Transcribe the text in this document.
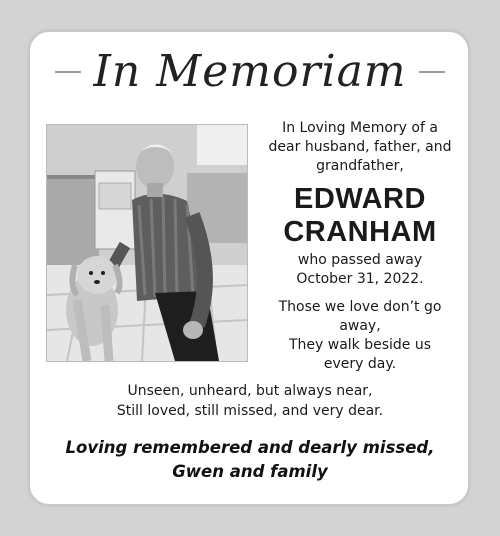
In Memoriam
In Loving Memory of a
dear husband, father, and
grandfather,
EDWARD
CRANHAM
who passed away
October 31, 2022.
Those we love don’t go
away,
They walk beside us
every day.
Unseen, unheard, but always near,
Still loved, still missed, and very dear.
Loving remembered and dearly missed,
Gwen and family
